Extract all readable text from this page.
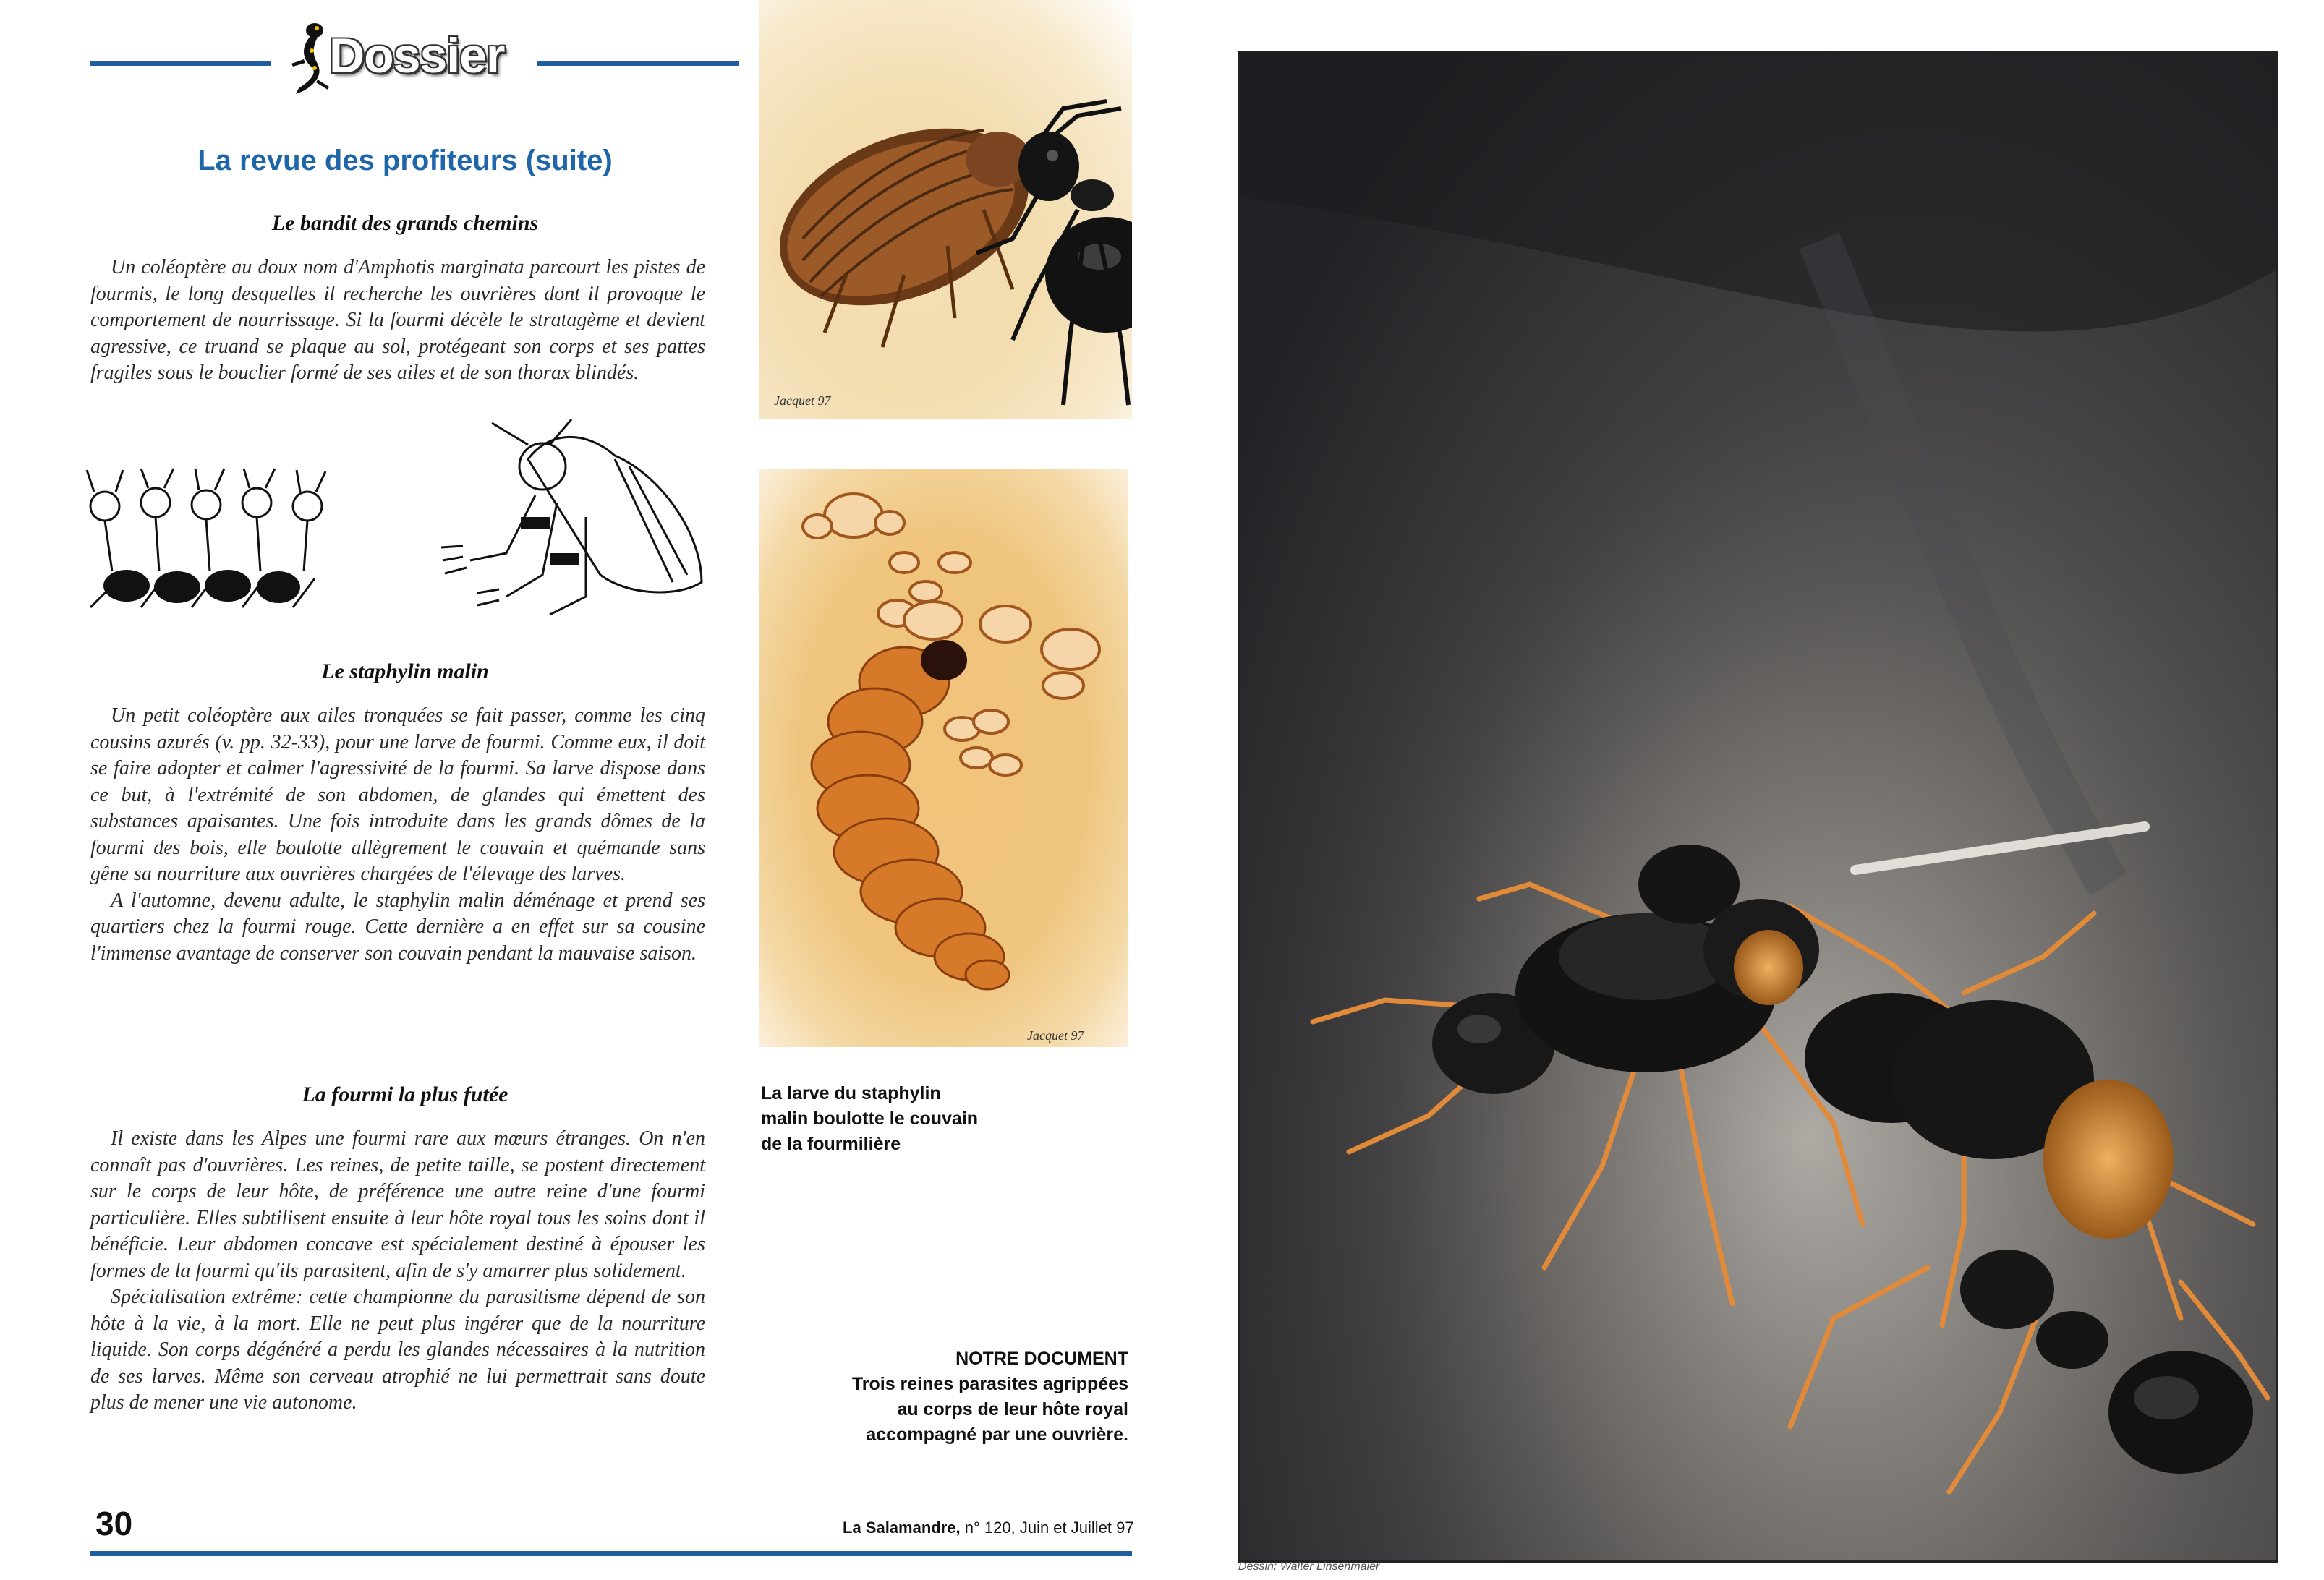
Dossier
La revue des profiteurs (suite)
Le bandit des grands chemins

Un coléoptère au doux nom d'Amphotis marginata parcourt les pistes de fourmis, le long desquelles il recherche les ouvrières dont il provoque le comportement de nourrissage. Si la fourmi décèle le stratagème et devient agressive, ce truand se plaque au sol, protégeant son corps et ses pattes fragiles sous le bouclier formé de ses ailes et de son thorax blindés.

Le staphylin malin

Un petit coléoptère aux ailes tronquées se fait passer, comme les cinq cousins azurés (v. pp. 32-33), pour une larve de fourmi. Comme eux, il doit se faire adopter et calmer l'agressivité de la fourmi. Sa larve dispose dans ce but, à l'extrémité de son abdomen, de glandes qui émettent des substances apaisantes. Une fois introduite dans les grands dômes de la fourmi des bois, elle boulotte allègrement le couvain et quémande sans gêne sa nourriture aux ouvrières chargées de l'élevage des larves.

A l'automne, devenu adulte, le staphylin malin déménage et prend ses quartiers chez la fourmi rouge. Cette dernière a en effet sur sa cousine l'immense avantage de conserver son couvain pendant la mauvaise saison.

La fourmi la plus futée

Il existe dans les Alpes une fourmi rare aux mœurs étranges. On n'en connaît pas d'ouvrières. Les reines, de petite taille, se postent directement sur le corps de leur hôte, de préférence une autre reine d'une fourmi particulière. Elles subtilisent ensuite à leur hôte royal tous les soins dont il bénéficie. Leur abdomen concave est spécialement destiné à épouser les formes de la fourmi qu'ils parasitent, afin de s'y amarrer plus solidement.

Spécialisation extrême: cette championne du parasitisme dépend de son hôte à la vie, à la mort. Elle ne peut plus ingérer que de la nourriture liquide. Son corps dégénéré a perdu les glandes nécessaires à la nutrition de ses larves. Même son cerveau atrophié ne lui permettrait sans doute plus de mener une vie autonome.

Jacquet 97
Jacquet 97
La larve du staphylin
malin boulotte le couvain
de la fourmilière
NOTRE DOCUMENT
Trois reines parasites agrippées
au corps de leur hôte royal
accompagné par une ouvrière.
30	La Salamandre, n° 120, Juin et Juillet 97
Dessin: Walter Linsenmaier
